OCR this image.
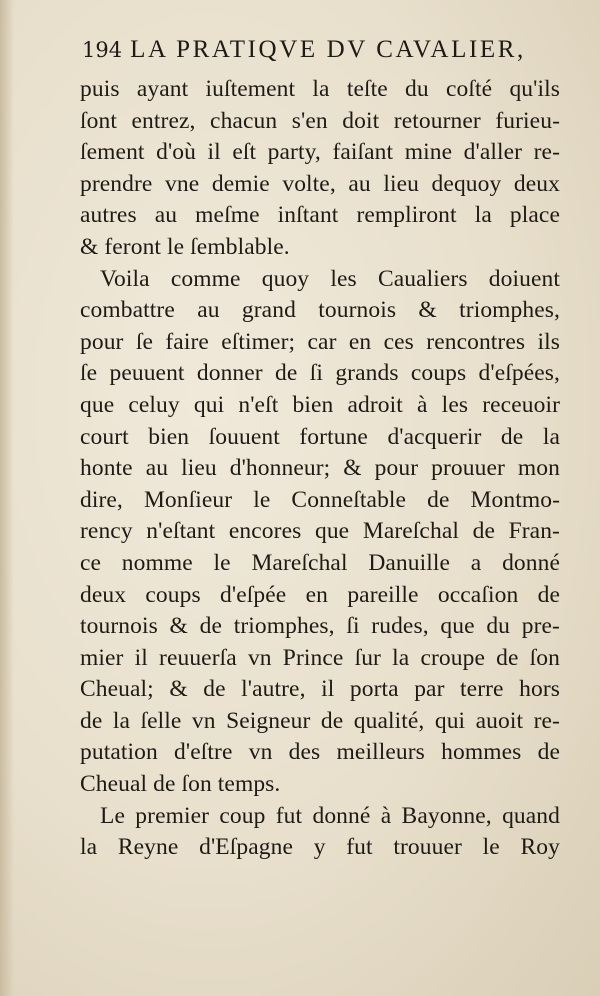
194 LA PRATIQVE DV CAVALIER,
puis ayant iuſtement la teſte du coſté qu'ils
ſont entrez, chacun s'en doit retourner furieu-
ſement d'où il eſt party, faiſant mine d'aller re-
prendre vne demie volte, au lieu dequoy deux
autres au meſme inſtant rempliront la place
& feront le ſemblable.
Voila comme quoy les Caualiers doiuent
combattre au grand tournois & triomphes,
pour ſe faire eſtimer; car en ces rencontres ils
ſe peuuent donner de ſi grands coups d'eſpées,
que celuy qui n'eſt bien adroit à les receuoir
court bien ſouuent fortune d'acquerir de la
honte au lieu d'honneur; & pour prouuer mon
dire, Monſieur le Conneſtable de Montmo-
rency n'eſtant encores que Mareſchal de Fran-
ce nomme le Mareſchal Danuille a donné
deux coups d'eſpée en pareille occaſion de
tournois & de triomphes, ſi rudes, que du pre-
mier il reuuerſa vn Prince ſur la croupe de ſon
Cheual; & de l'autre, il porta par terre hors
de la ſelle vn Seigneur de qualité, qui auoit re-
putation d'eſtre vn des meilleurs hommes de
Cheual de ſon temps.
Le premier coup fut donné à Bayonne, quand
la Reyne d'Eſpagne y fut trouuer le Roy
